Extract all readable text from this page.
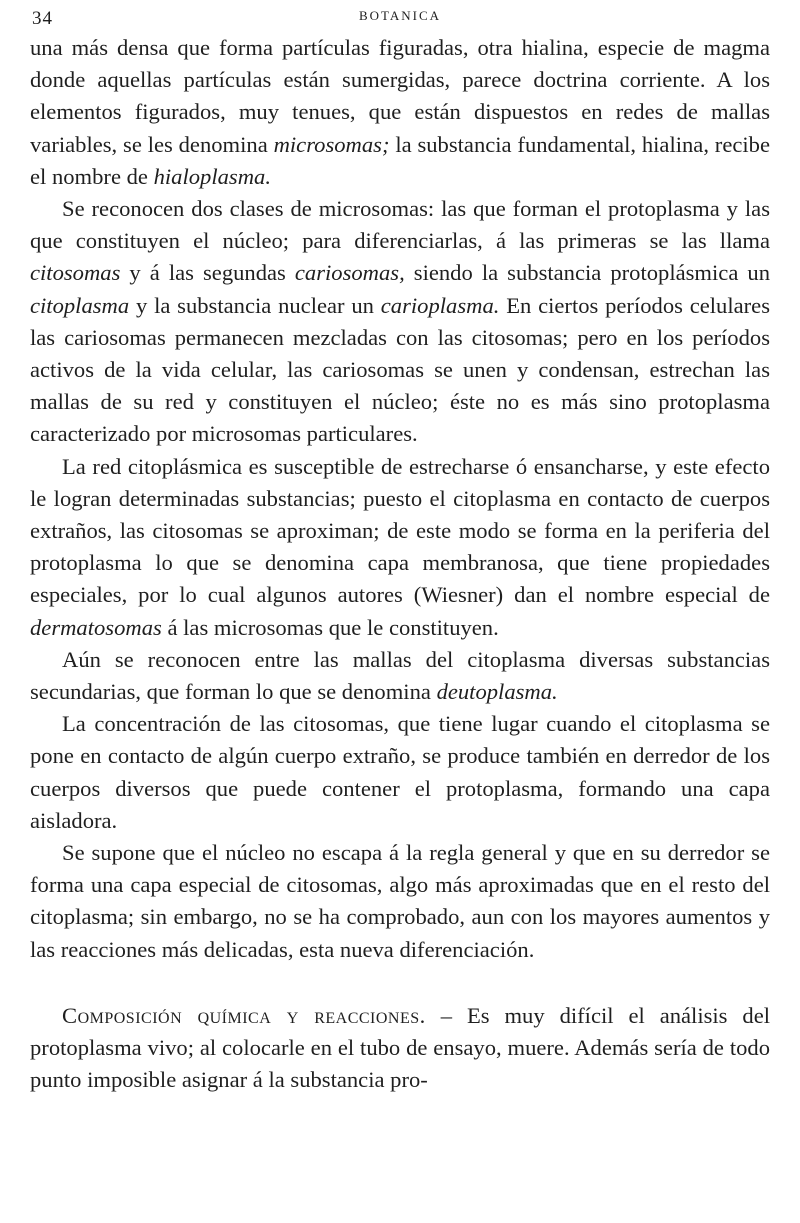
34	BOTANICA

una más densa que forma partículas figuradas, otra hialina, especie de magma donde aquellas partículas están sumergidas, parece doctrina corriente. A los elementos figurados, muy tenues, que están dispuestos en redes de mallas variables, se les denomina microsomas; la substancia fundamental, hialina, recibe el nombre de hialoplasma.

Se reconocen dos clases de microsomas: las que forman el protoplasma y las que constituyen el núcleo; para diferenciarlas, á las primeras se las llama citosomas y á las segundas cariosomas, siendo la substancia protoplásmica un citoplasma y la substancia nuclear un carioplasma. En ciertos períodos celulares las cariosomas permanecen mezcladas con las citosomas; pero en los períodos activos de la vida celular, las cariosomas se unen y condensan, estrechan las mallas de su red y constituyen el núcleo; éste no es más sino protoplasma caracterizado por microsomas particulares.

La red citoplásmica es susceptible de estrecharse ó ensancharse, y este efecto le logran determinadas substancias; puesto el citoplasma en contacto de cuerpos extraños, las citosomas se aproximan; de este modo se forma en la periferia del protoplasma lo que se denomina capa membranosa, que tiene propiedades especiales, por lo cual algunos autores (Wiesner) dan el nombre especial de dermatosomas á las microsomas que le constituyen.

Aún se reconocen entre las mallas del citoplasma diversas substancias secundarias, que forman lo que se denomina deutoplasma.

La concentración de las citosomas, que tiene lugar cuando el citoplasma se pone en contacto de algún cuerpo extraño, se produce también en derredor de los cuerpos diversos que puede contener el protoplasma, formando una capa aisladora.

Se supone que el núcleo no escapa á la regla general y que en su derredor se forma una capa especial de citosomas, algo más aproximadas que en el resto del citoplasma; sin embargo, no se ha comprobado, aun con los mayores aumentos y las reacciones más delicadas, esta nueva diferenciación.

Composición química y reacciones. – Es muy difícil el análisis del protoplasma vivo; al colocarle en el tubo de ensayo, muere. Además sería de todo punto imposible asignar á la substancia pro-
